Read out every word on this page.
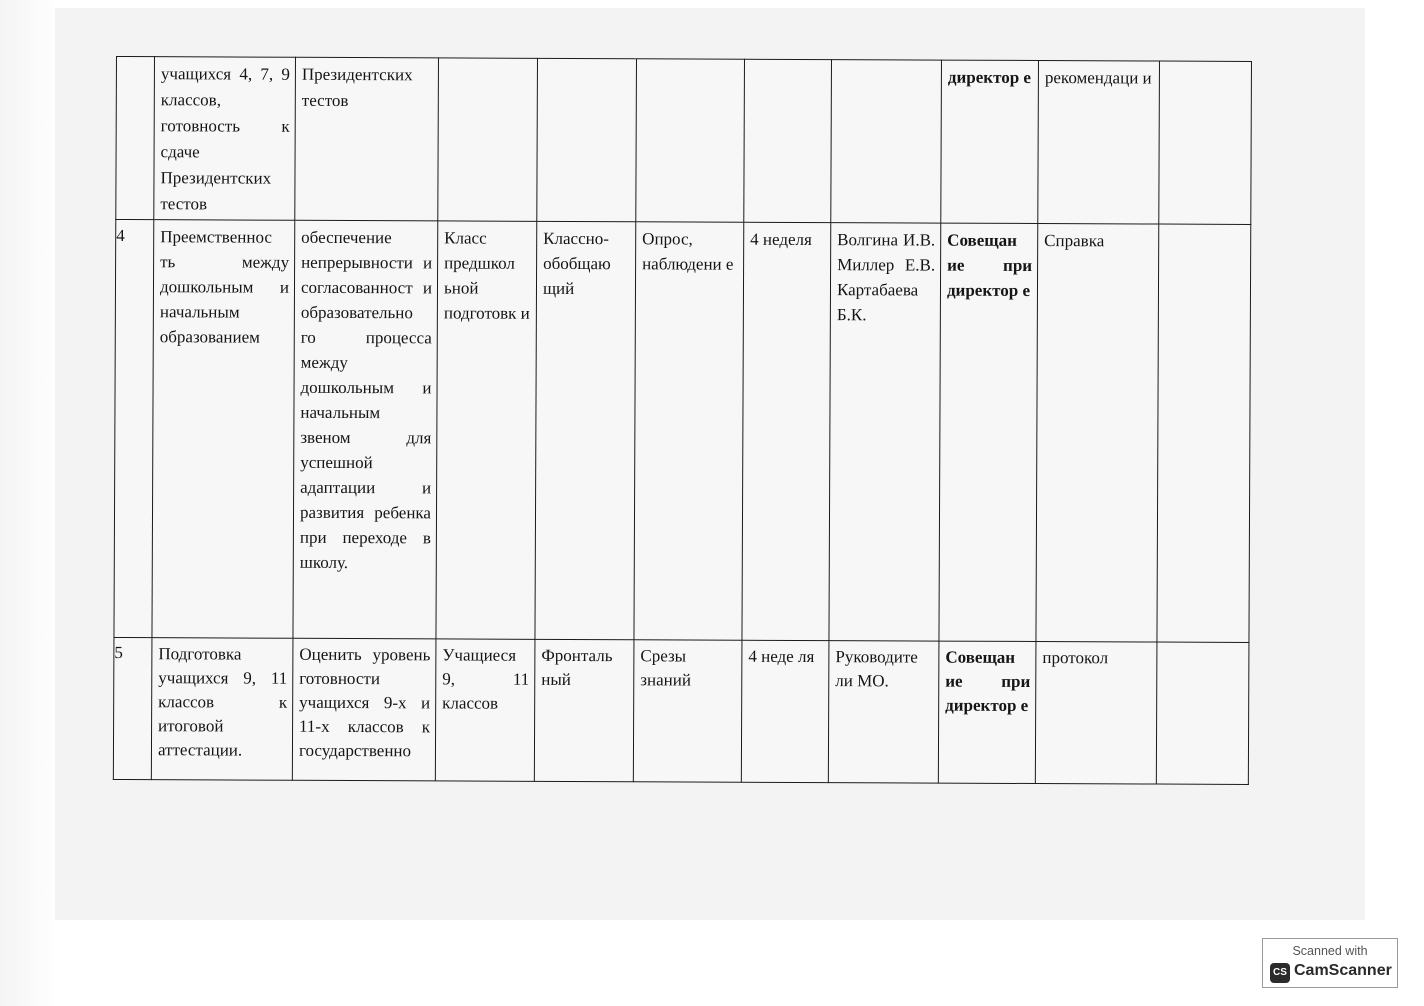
	учащихся 4, 7, 9 классов, готовность к сдаче Президентских тестов	Президентских тестов						директор е	рекомендаци и	
4	Преемственнос ть между дошкольным и начальным образованием	обеспечение непрерывности и согласованност и образовательно го процесса между дошкольным и начальным звеном для успешной адаптации и развития ребенка при переходе в школу.	Класс предшкол ьной подготовк и	Классно-обобщаю щий	Опрос, наблюдени е	4 неделя	Волгина И.В. Миллер Е.В. Картабаева Б.К.	Совещан ие при директор е	Справка	
5	Подготовка учащихся 9, 11 классов к итоговой аттестации.	Оценить уровень готовности учащихся 9-х и 11-х классов к государственно	Учащиеся 9, 11 классов	Фронталь ный	Срезы знаний	4 неде ля	Руководите ли МО.	Совещан ие при директор е	протокол	
Scanned with
CS CamScanner
